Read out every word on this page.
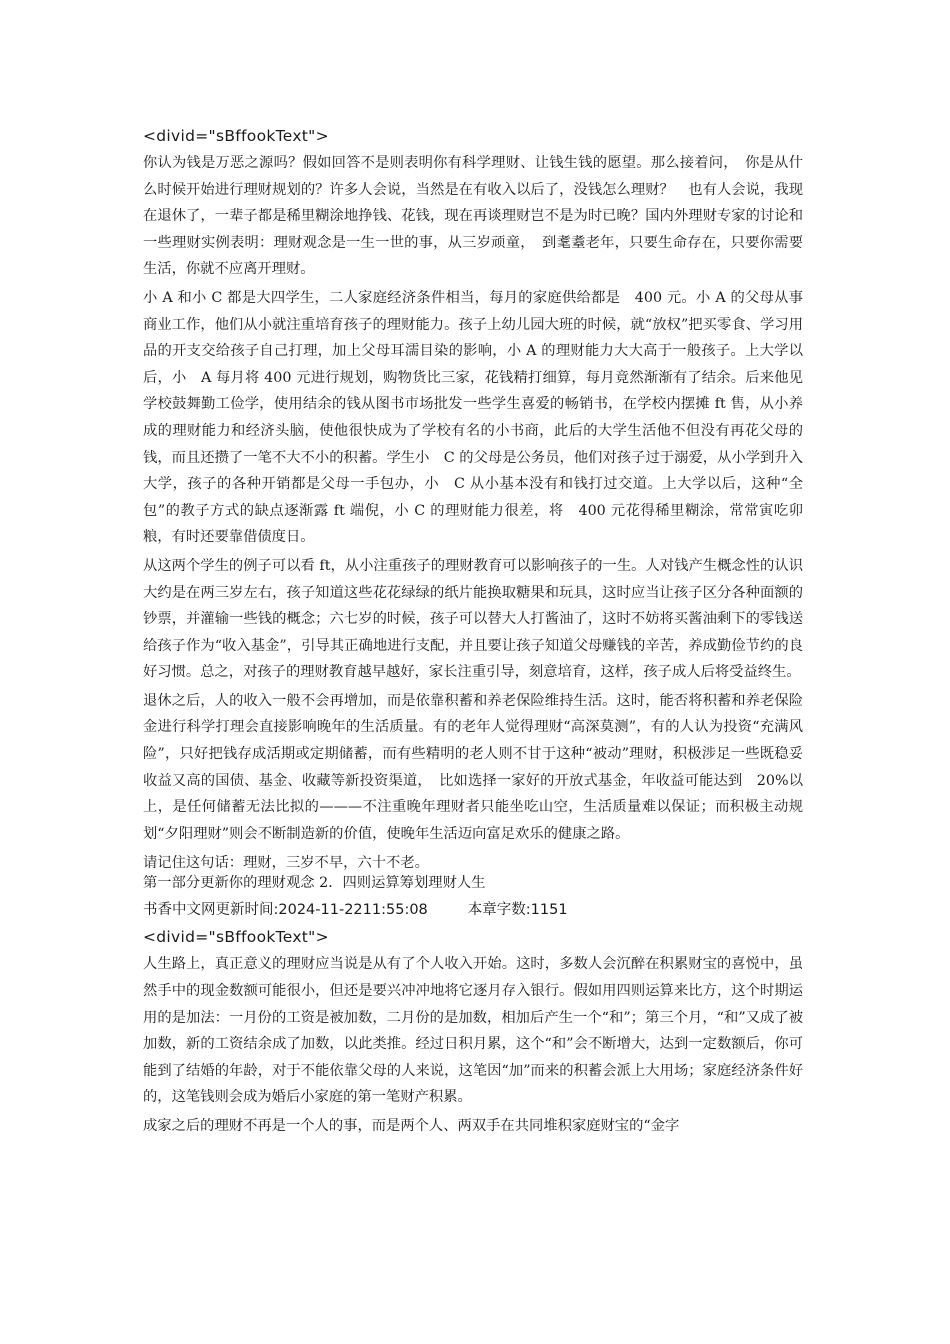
<divid="sBffookText">

你认为钱是万恶之源吗？假如回答不是则表明你有科学理财、让钱生钱的愿望。那么接着问，　你是从什么时候开始进行理财规划的？许多人会说，当然是在有收入以后了，没钱怎么理财？　也有人会说，我现在退休了，一辈子都是稀里糊涂地挣钱、花钱，现在再谈理财岂不是为时已晚？国内外理财专家的讨论和一些理财实例表明：理财观念是一生一世的事，从三岁顽童，　到耄耋老年，只要生命存在，只要你需要生活，你就不应离开理财。

小 A 和小 C 都是大四学生，二人家庭经济条件相当，每月的家庭供给都是　400 元。小 A 的父母从事商业工作，他们从小就注重培育孩子的理财能力。孩子上幼儿园大班的时候，就“放权”把买零食、学习用品的开支交给孩子自己打理，加上父母耳濡目染的影响，小 A 的理财能力大大高于一般孩子。上大学以后，小　A 每月将 400 元进行规划，购物货比三家，花钱精打细算，每月竟然渐渐有了结余。后来他见学校鼓舞勤工俭学，使用结余的钱从图书市场批发一些学生喜爱的畅销书，在学校内摆摊 ft 售，从小养成的理财能力和经济头脑，使他很快成为了学校有名的小书商，此后的大学生活他不但没有再花父母的钱，而且还攒了一笔不大不小的积蓄。学生小　C 的父母是公务员，他们对孩子过于溺爱，从小学到升入大学，孩子的各种开销都是父母一手包办，小　C 从小基本没有和钱打过交道。上大学以后，这种“全包”的教子方式的缺点逐渐露 ft 端倪，小 C 的理财能力很差，将　400 元花得稀里糊涂，常常寅吃卯粮，有时还要靠借债度日。

从这两个学生的例子可以看 ft，从小注重孩子的理财教育可以影响孩子的一生。人对钱产生概念性的认识大约是在两三岁左右，孩子知道这些花花绿绿的纸片能换取糖果和玩具，这时应当让孩子区分各种面额的钞票，并灌输一些钱的概念；六七岁的时候，孩子可以替大人打酱油了，这时不妨将买酱油剩下的零钱送给孩子作为“收入基金”，引导其正确地进行支配，并且要让孩子知道父母赚钱的辛苦，养成勤俭节约的良好习惯。总之，对孩子的理财教育越早越好，家长注重引导，刻意培育，这样，孩子成人后将受益终生。

退休之后，人的收入一般不会再增加，而是依靠积蓄和养老保险维持生活。这时，能否将积蓄和养老保险金进行科学打理会直接影响晚年的生活质量。有的老年人觉得理财“高深莫测”，有的人认为投资“充满风险”，只好把钱存成活期或定期储蓄，而有些精明的老人则不甘于这种“被动”理财，积极涉足一些既稳妥收益又高的国债、基金、收藏等新投资渠道，　比如选择一家好的开放式基金，年收益可能达到　20%以上，是任何储蓄无法比拟的———不注重晚年理财者只能坐吃山空，生活质量难以保证；而积极主动规划“夕阳理财”则会不断制造新的价值，使晚年生活迈向富足欢乐的健康之路。

请记住这句话：理财，三岁不早，六十不老。

第一部分更新你的理财观念 2．四则运算筹划理财人生

书香中文网更新时间:2024-11-2211:55:08	本章字数:1151
<divid="sBffookText">

人生路上，真正意义的理财应当说是从有了个人收入开始。这时，多数人会沉醉在积累财宝的喜悦中，虽然手中的现金数额可能很小，但还是要兴冲冲地将它逐月存入银行。假如用四则运算来比方，这个时期运用的是加法：一月份的工资是被加数，二月份的是加数，相加后产生一个“和”；第三个月，“和”又成了被加数，新的工资结余成了加数，以此类推。经过日积月累，这个“和”会不断增大，达到一定数额后，你可能到了结婚的年龄，对于不能依靠父母的人来说，这笔因“加”而来的积蓄会派上大用场；家庭经济条件好的，这笔钱则会成为婚后小家庭的第一笔财产积累。

成家之后的理财不再是一个人的事，而是两个人、两双手在共同堆积家庭财宝的“金字
